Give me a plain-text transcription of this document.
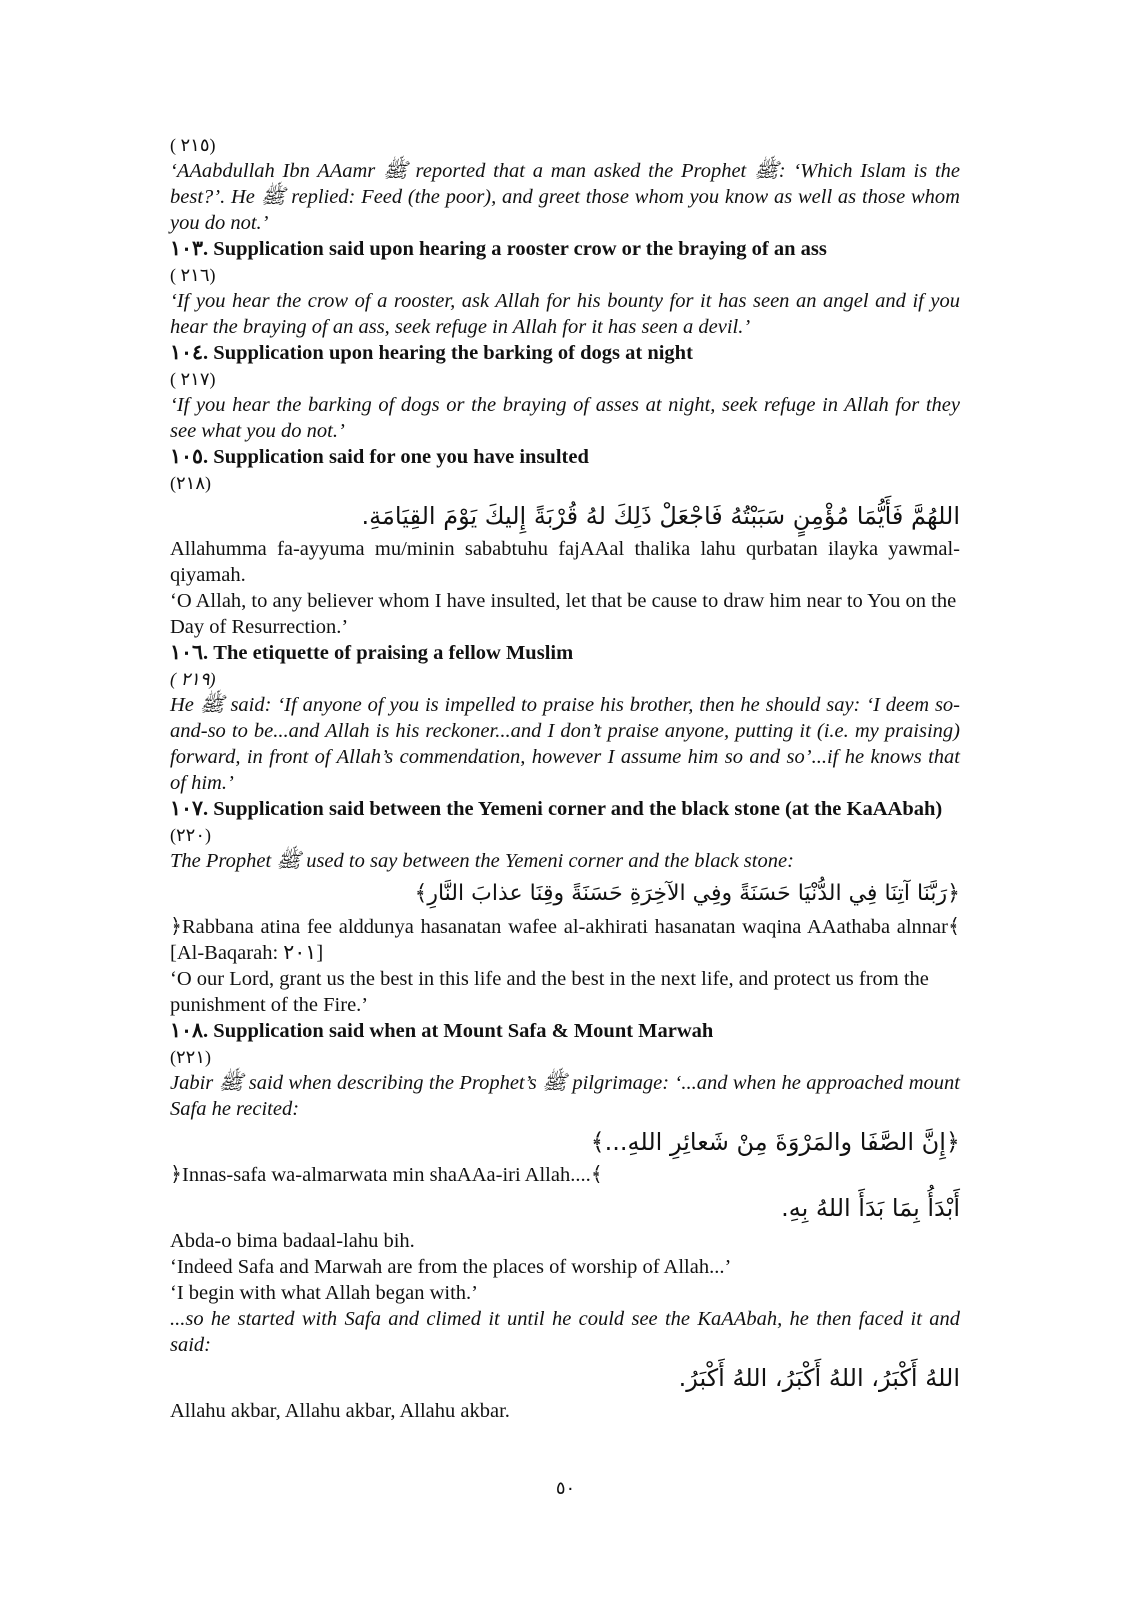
( ٢١٥)
‘AAabdullah Ibn AAamr ﷺ reported that a man asked the Prophet ﷺ: ‘Which Islam is the best?’. He ﷺ replied: Feed (the poor), and greet those whom you know as well as those whom you do not.’
١٠٣. Supplication said upon hearing a rooster crow or the braying of an ass
( ٢١٦)
‘If you hear the crow of a rooster, ask Allah for his bounty for it has seen an angel and if you hear the braying of an ass, seek refuge in Allah for it has seen a devil.’
١٠٤. Supplication upon hearing the barking of dogs at night
( ٢١٧)
‘If you hear the barking of dogs or the braying of asses at night, seek refuge in Allah for they see what you do not.’
١٠٥. Supplication said for one you have insulted
(٢١٨)
اللهُمَّ فَأَيُّمَا مُؤْمِنٍ سَبَبْتُهُ فَاجْعَلْ ذَلِكَ لهُ قُرْبَةً إِليكَ يَوْمَ القِيَامَةِ.
Allahumma fa-ayyuma mu/minin sababtuhu fajAAal thalika lahu qurbatan ilayka yawmal-qiyamah.
‘O Allah, to any believer whom I have insulted, let that be cause to draw him near to You on the Day of Resurrection.’
١٠٦. The etiquette of praising a fellow Muslim
( ٢١٩)
He ﷺ said: ‘If anyone of you is impelled to praise his brother, then he should say: ‘I deem so-and-so to be...and Allah is his reckoner...and I don’t praise anyone, putting it (i.e. my praising) forward, in front of Allah’s commendation, however I assume him so and so’...if he knows that of him.’
١٠٧. Supplication said between the Yemeni corner and the black stone (at the KaAAbah)
(٢٢٠)
The Prophet ﷺ used to say between the Yemeni corner and the black stone:
﴿رَبَّنَا آتِنَا فِي الدُّنْيَا حَسَنَةً وفِي الآخِرَةِ حَسَنَةً وقِنَا عذابَ النَّارِ﴾
﴿Rabbana atina fee alddunya hasanatan wafee al-akhirati hasanatan waqina AAathaba alnnar﴾ [Al-Baqarah: ٢٠١]
‘O our Lord, grant us the best in this life and the best in the next life, and protect us from the punishment of the Fire.’
١٠٨. Supplication said when at Mount Safa & Mount Marwah
(٢٢١)
Jabir ﷺ said when describing the Prophet’s ﷺ pilgrimage: ‘...and when he approached mount Safa he recited:
﴿إِنَّ الصَّفَا والمَرْوَةَ مِنْ شَعائِرِ اللهِ...﴾
﴿Innas-safa wa-almarwata min shaAAa-iri Allah....﴾
أَبْدَأُ بِمَا بَدَأَ اللهُ بِهِ.
Abda-o bima badaal-lahu bih.
‘Indeed Safa and Marwah are from the places of worship of Allah...’
‘I begin with what Allah began with.’
...so he started with Safa and climed it until he could see the KaAAbah, he then faced it and said:
اللهُ أَكْبَرُ، اللهُ أَكْبَرُ، اللهُ أَكْبَرُ.
Allahu akbar, Allahu akbar, Allahu akbar.
٥٠
